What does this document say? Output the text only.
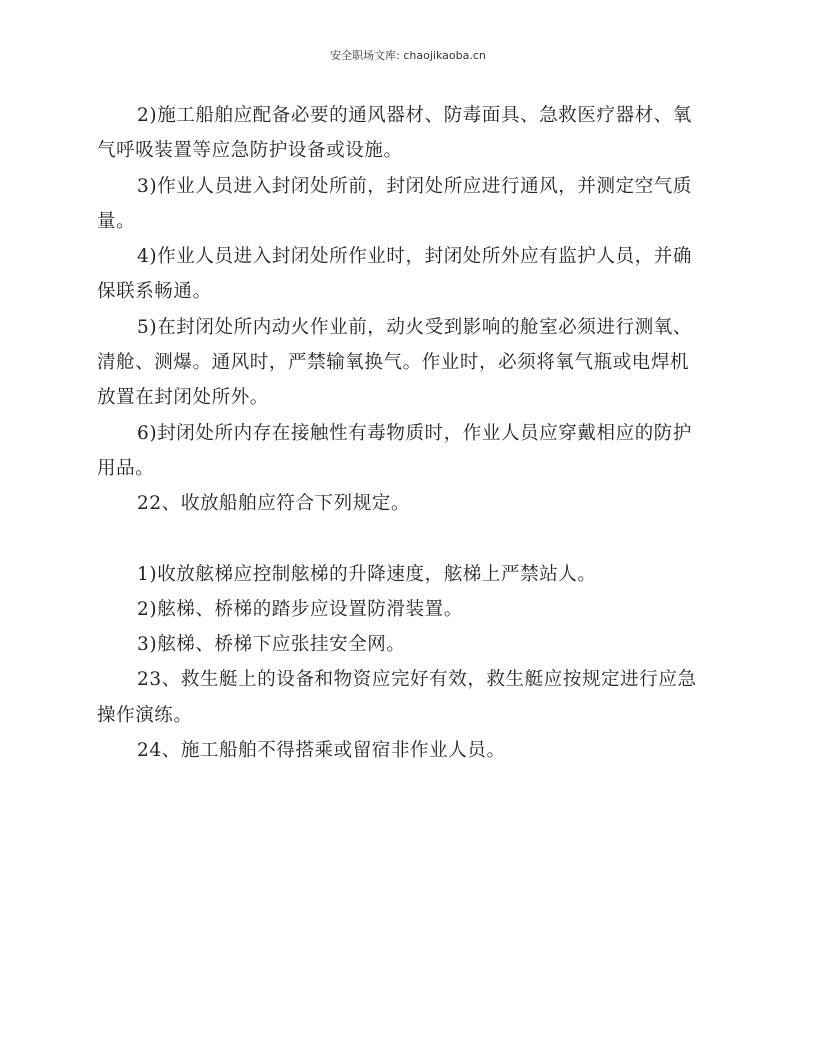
安全职场文库: chaojikaoba.cn
2)施工船舶应配备必要的通风器材、防毒面具、急救医疗器材、氧
气呼吸装置等应急防护设备或设施。
3)作业人员进入封闭处所前，封闭处所应进行通风，并测定空气质
量。
4)作业人员进入封闭处所作业时，封闭处所外应有监护人员，并确
保联系畅通。
5)在封闭处所内动火作业前，动火受到影响的舱室必须进行测氧、
清舱、测爆。通风时，严禁输氧换气。作业时，必须将氧气瓶或电焊机
放置在封闭处所外。
6)封闭处所内存在接触性有毒物质时，作业人员应穿戴相应的防护
用品。
22、收放船舶应符合下列规定。
1)收放舷梯应控制舷梯的升降速度，舷梯上严禁站人。
2)舷梯、桥梯的踏步应设置防滑装置。
3)舷梯、桥梯下应张挂安全网。
23、救生艇上的设备和物资应完好有效，救生艇应按规定进行应急
操作演练。
24、施工船舶不得搭乘或留宿非作业人员。
